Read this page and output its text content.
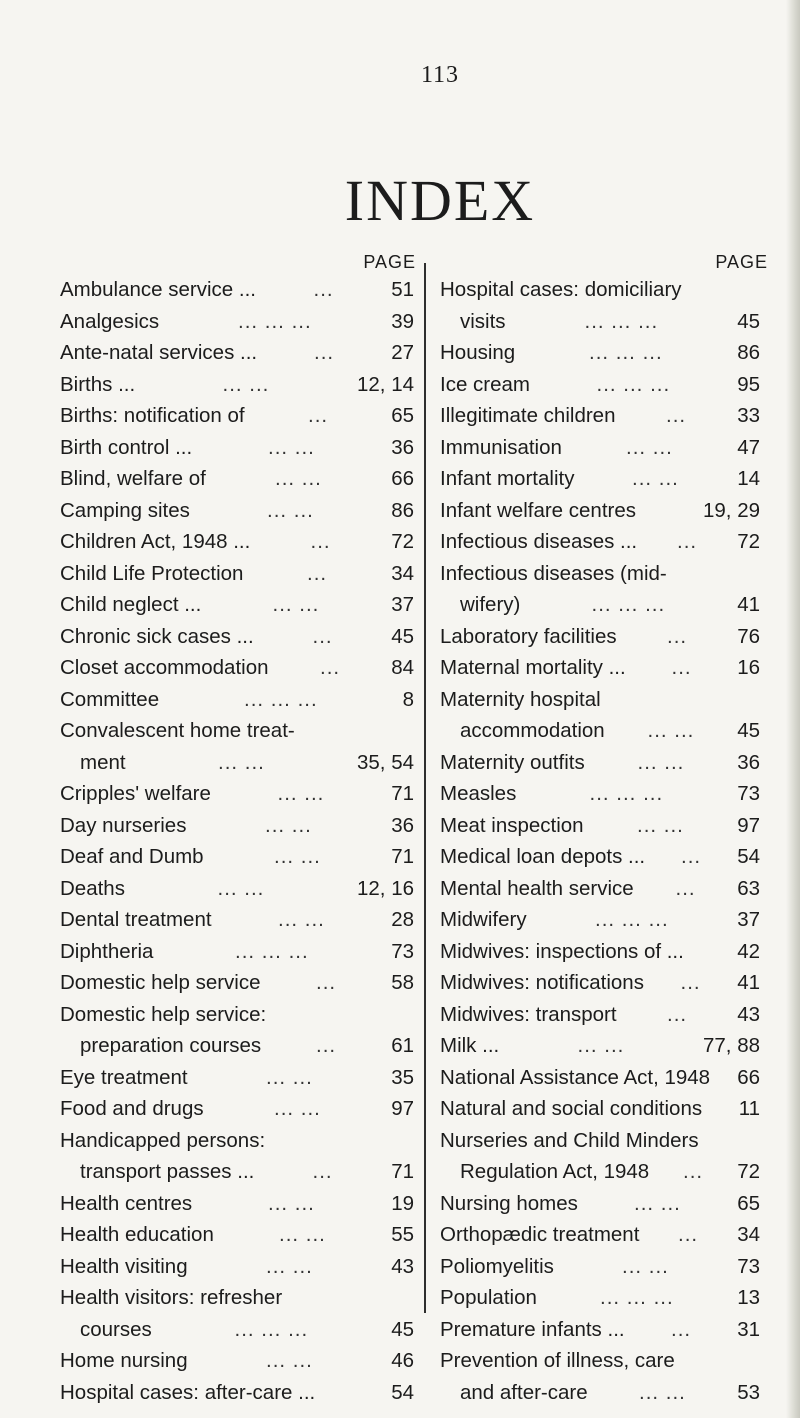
113
INDEX
PAGE
Ambulance service ...	...	51
Analgesics	... ... ...	39
Ante-natal services ...	...	27
Births ...	... ...	12, 14
Births: notification of	...	65
Birth control ...	... ...	36
Blind, welfare of	... ...	66
Camping sites	... ...	86
Children Act, 1948 ...	...	72
Child Life Protection	...	34
Child neglect ...	... ...	37
Chronic sick cases ...	...	45
Closet accommodation	... 84
Committee	... ... ...	8
Convalescent home treat-
ment	... ...	35, 54
Cripples' welfare	... ...	71
Day nurseries	... ...	36
Deaf and Dumb	... ...	71
Deaths	... ...	12, 16
Dental treatment	... ...	28
Diphtheria	... ... ...	73
Domestic help service	...	58
Domestic help service:
preparation courses	...	61
Eye treatment	... ...	35
Food and drugs	... ...	97
Handicapped persons:
transport passes ...	...	71
Health centres	... ...	19
Health education	... ...	55
Health visiting	... ...	43
Health visitors: refresher
courses	... ... ...	45
Home nursing	... ...	46
Hospital cases: after-care ...	54
PAGE
Hospital cases: domiciliary
visits	... ... ...	45
Housing	... ... ...	86
Ice cream	... ... ...	95
Illegitimate children ... 33
Immunisation	... ...	47
Infant mortality	... ...	14
Infant welfare centres	19, 29
Infectious diseases ... ... 72
Infectious diseases (mid-
wifery)	... ... ...	41
Laboratory facilities ... 76
Maternal mortality ... ... 16
Maternity hospital
accommodation ... ... 45
Maternity outfits	... ...	36
Measles	... ... ...	73
Meat inspection	... ...	97
Medical loan depots ... ... 54
Mental health service ... 63
Midwifery	... ... ...	37
Midwives: inspections of ...	42
Midwives: notifications ... 41
Midwives: transport ... 43
Milk ...	... ...	77, 88
National Assistance Act, 1948 66
Natural and social conditions 11
Nurseries and Child Minders
Regulation Act, 1948 ... 72
Nursing homes	... ...	65
Orthopædic treatment ... 34
Poliomyelitis	... ...	73
Population	... ... ...	13
Premature infants ... ... 31
Prevention of illness, care
and after-care	... ...	53
